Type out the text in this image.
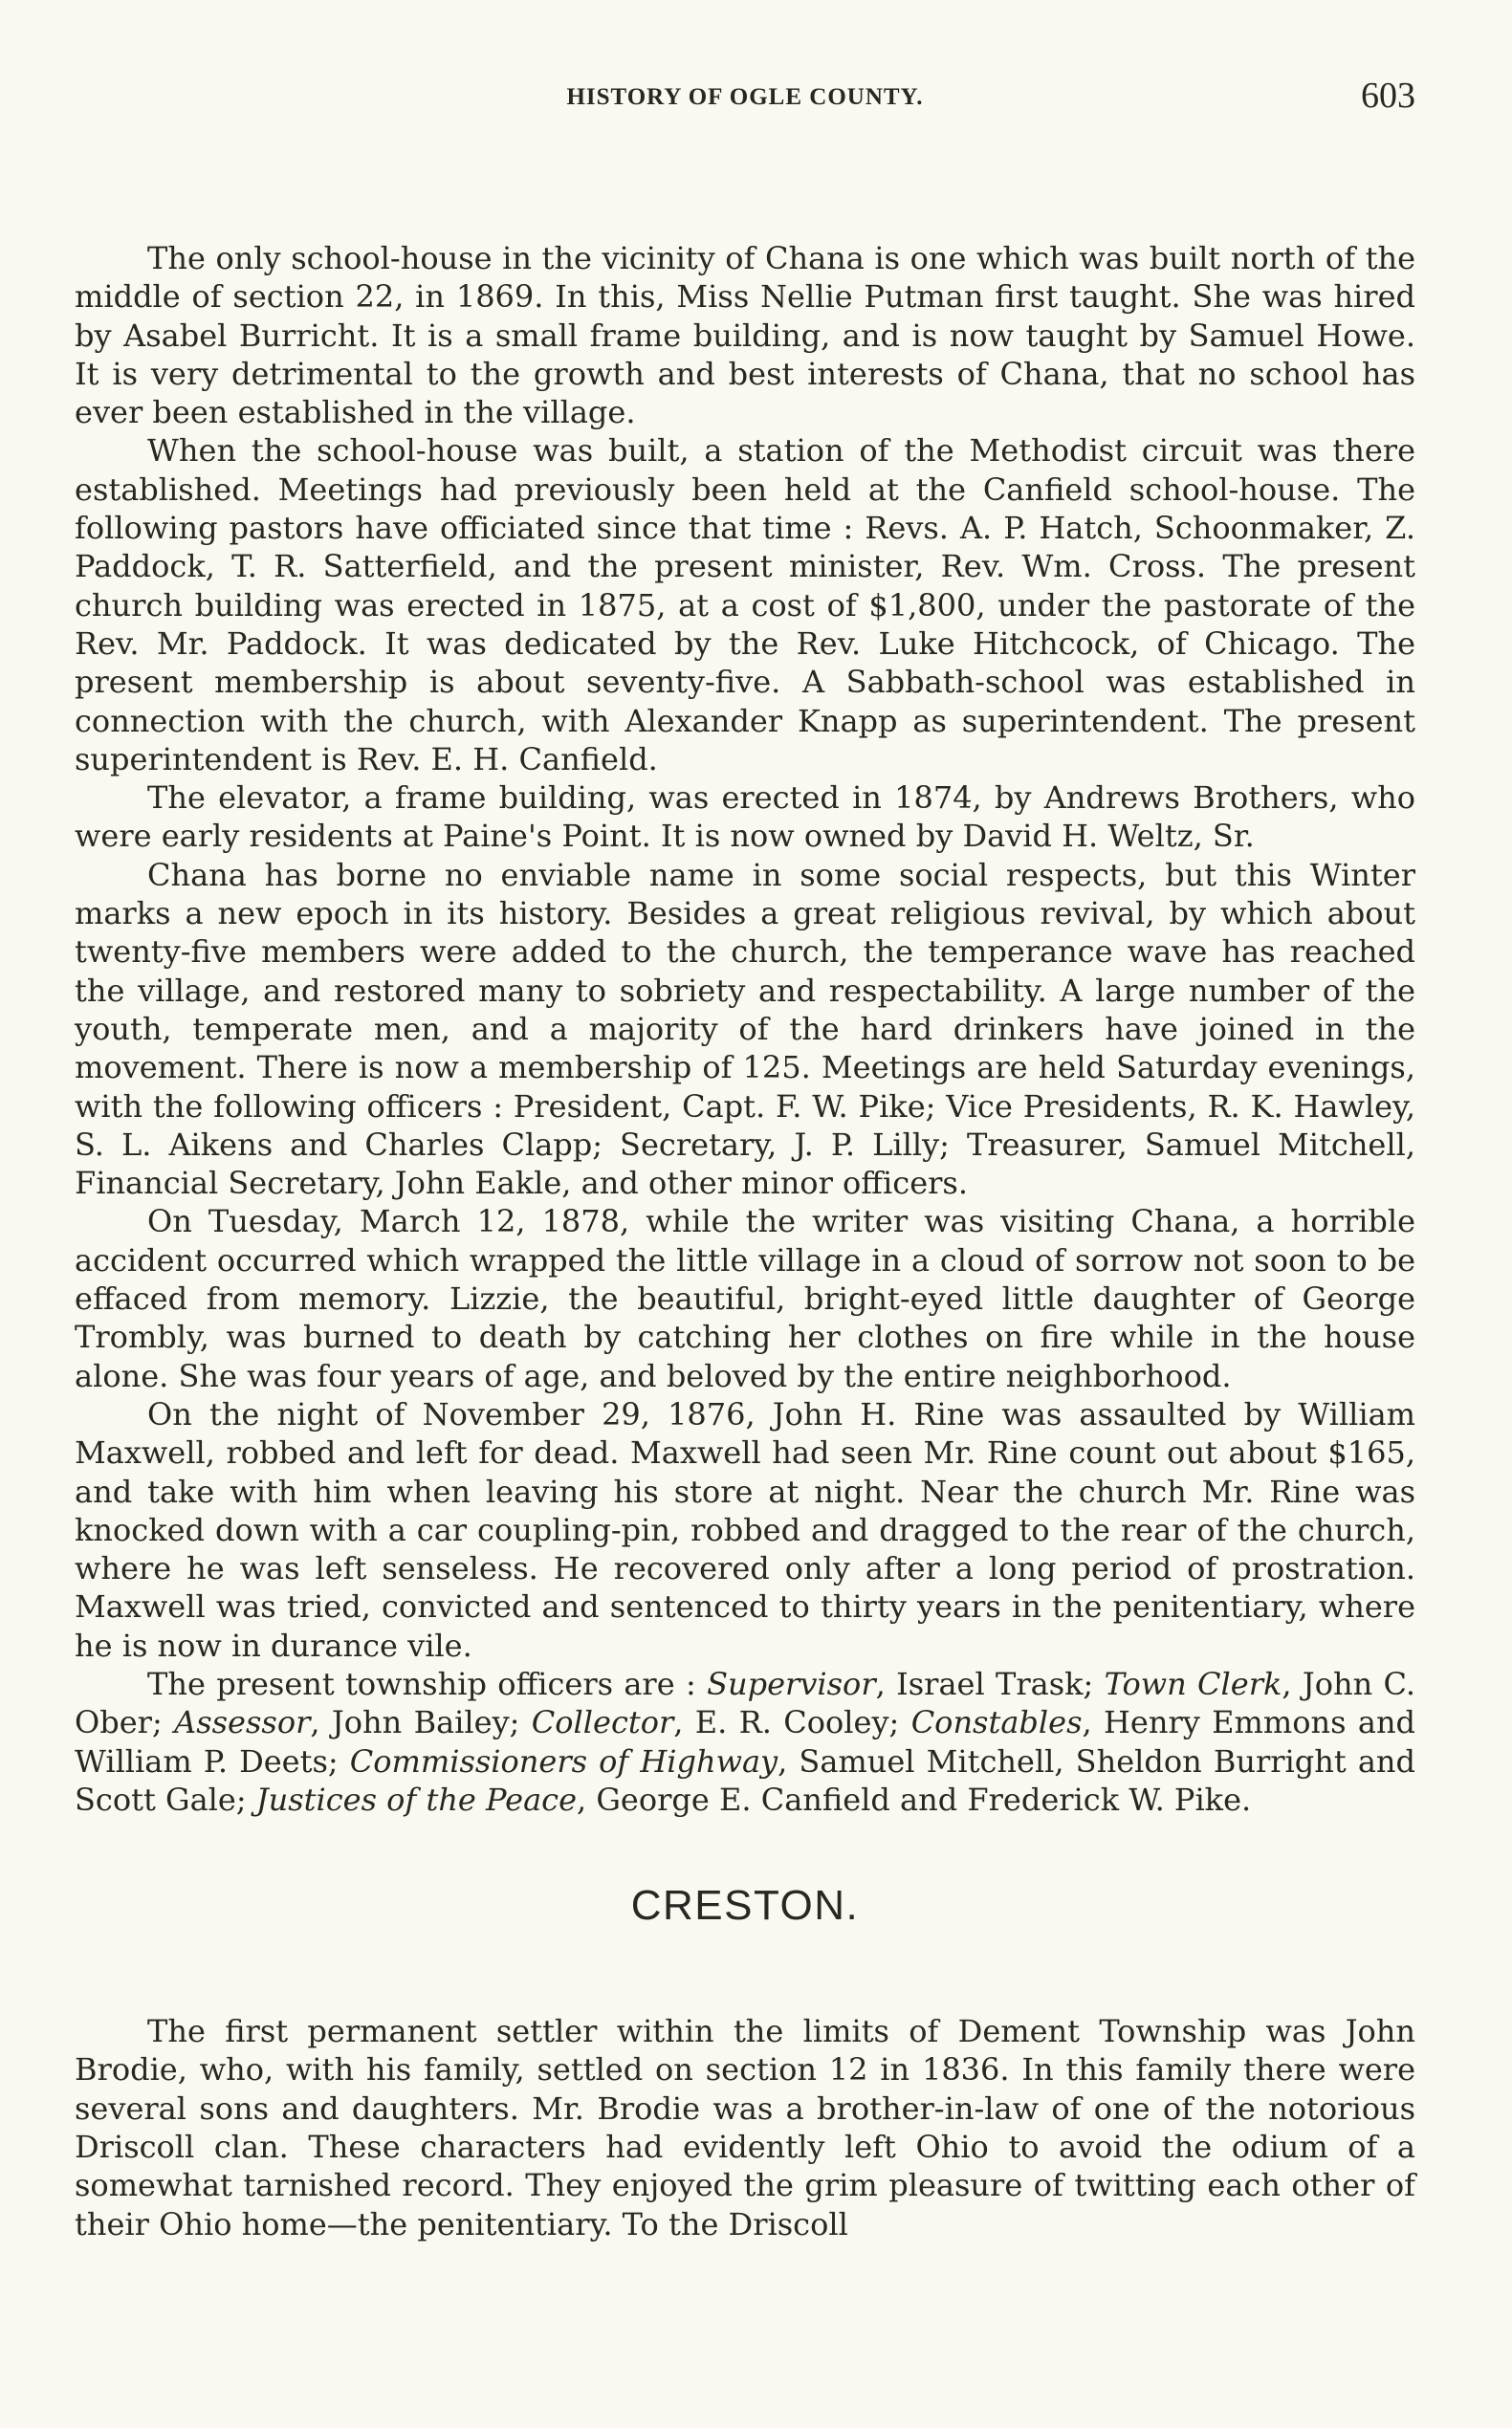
HISTORY OF OGLE COUNTY.	603

The only school-house in the vicinity of Chana is one which was built north of the middle of section 22, in 1869. In this, Miss Nellie Putman first taught. She was hired by Asabel Burricht. It is a small frame building, and is now taught by Samuel Howe. It is very detrimental to the growth and best interests of Chana, that no school has ever been established in the village.

When the school-house was built, a station of the Methodist circuit was there established. Meetings had previously been held at the Canfield school-house. The following pastors have officiated since that time : Revs. A. P. Hatch, Schoonmaker, Z. Paddock, T. R. Satterfield, and the present minister, Rev. Wm. Cross. The present church building was erected in 1875, at a cost of $1,800, under the pastorate of the Rev. Mr. Paddock. It was dedicated by the Rev. Luke Hitchcock, of Chicago. The present membership is about seventy-five. A Sabbath-school was established in connection with the church, with Alexander Knapp as superintendent. The present superintendent is Rev. E. H. Canfield.

The elevator, a frame building, was erected in 1874, by Andrews Brothers, who were early residents at Paine's Point. It is now owned by David H. Weltz, Sr.

Chana has borne no enviable name in some social respects, but this Winter marks a new epoch in its history. Besides a great religious revival, by which about twenty-five members were added to the church, the temperance wave has reached the village, and restored many to sobriety and respectability. A large number of the youth, temperate men, and a majority of the hard drinkers have joined in the movement. There is now a membership of 125. Meetings are held Saturday evenings, with the following officers : President, Capt. F. W. Pike; Vice Presidents, R. K. Hawley, S. L. Aikens and Charles Clapp; Secretary, J. P. Lilly; Treasurer, Samuel Mitchell, Financial Secretary, John Eakle, and other minor officers.

On Tuesday, March 12, 1878, while the writer was visiting Chana, a horrible accident occurred which wrapped the little village in a cloud of sorrow not soon to be effaced from memory. Lizzie, the beautiful, bright-eyed little daughter of George Trombly, was burned to death by catching her clothes on fire while in the house alone. She was four years of age, and beloved by the entire neighborhood.

On the night of November 29, 1876, John H. Rine was assaulted by William Maxwell, robbed and left for dead. Maxwell had seen Mr. Rine count out about $165, and take with him when leaving his store at night. Near the church Mr. Rine was knocked down with a car coupling-pin, robbed and dragged to the rear of the church, where he was left senseless. He recovered only after a long period of prostration. Maxwell was tried, convicted and sentenced to thirty years in the penitentiary, where he is now in durance vile.

The present township officers are : Supervisor, Israel Trask; Town Clerk, John C. Ober; Assessor, John Bailey; Collector, E. R. Cooley; Constables, Henry Emmons and William P. Deets; Commissioners of Highway, Samuel Mitchell, Sheldon Burright and Scott Gale; Justices of the Peace, George E. Canfield and Frederick W. Pike.

CRESTON.

The first permanent settler within the limits of Dement Township was John Brodie, who, with his family, settled on section 12 in 1836. In this family there were several sons and daughters. Mr. Brodie was a brother-in-law of one of the notorious Driscoll clan. These characters had evidently left Ohio to avoid the odium of a somewhat tarnished record. They enjoyed the grim pleasure of twitting each other of their Ohio home—the penitentiary. To the Driscoll
